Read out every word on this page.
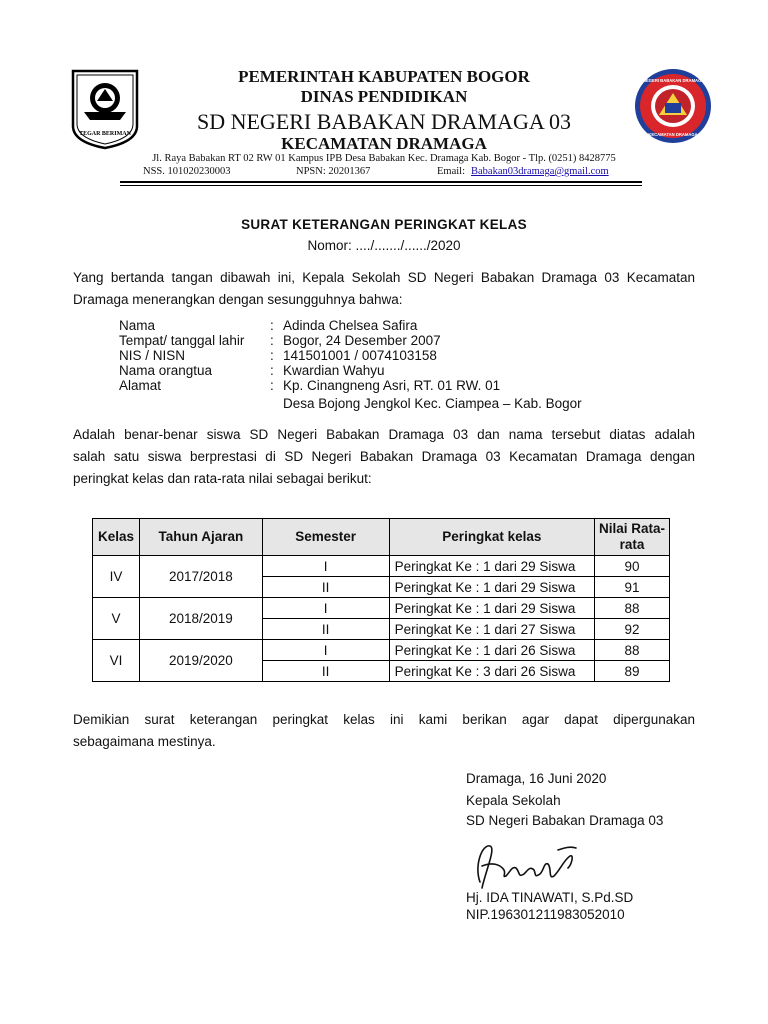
TEGAR BERIMAN
PEMERINTAH KABUPATEN BOGOR
DINAS PENDIDIKAN
SD NEGERI BABAKAN DRAMAGA 03
KECAMATAN DRAMAGA
Jl. Raya Babakan RT 02 RW 01 Kampus IPB Desa Babakan Kec. Dramaga Kab. Bogor - Tlp. (0251) 8428775
NSS. 101020230003	NPSN: 20201367	Email: Babakan03dramaga@gmail.com
SD NEGERI BABAKAN DRAMAGA 03
KECAMATAN DRAMAGA
SURAT KETERANGAN PERINGKAT KELAS
Nomor: ..../......./....../2020
Yang bertanda tangan dibawah ini, Kepala Sekolah SD Negeri Babakan Dramaga 03 Kecamatan
Dramaga menerangkan dengan sesungguhnya bahwa:
Nama	: Adinda Chelsea Safira
Tempat/ tanggal lahir	: Bogor, 24 Desember 2007
NIS / NISN	: 141501001 / 0074103158
Nama orangtua	: Kwardian Wahyu
Alamat	: Kp. Cinangneng Asri, RT. 01 RW. 01
Desa Bojong Jengkol Kec. Ciampea – Kab. Bogor
Adalah benar-benar siswa SD Negeri Babakan Dramaga 03 dan nama tersebut diatas adalah
salah satu siswa berprestasi di SD Negeri Babakan Dramaga 03 Kecamatan Dramaga dengan
peringkat kelas dan rata-rata nilai sebagai berikut:
Kelas	Tahun Ajaran	Semester	Peringkat kelas	Nilai Rata-
rata

IV	2017/2018	I	Peringkat Ke : 1 dari 29 Siswa	90
		II	Peringkat Ke : 1 dari 29 Siswa	91
V	2018/2019	I	Peringkat Ke : 1 dari 29 Siswa	88
		II	Peringkat Ke : 1 dari 27 Siswa	92
VI	2019/2020	I	Peringkat Ke : 1 dari 26 Siswa	88
		II	Peringkat Ke : 3 dari 26 Siswa	89
Demikian surat keterangan peringkat kelas ini kami berikan agar dapat dipergunakan
sebagaimana mestinya.
Dramaga, 16 Juni 2020
Kepala Sekolah
SD Negeri Babakan Dramaga 03
Hj. IDA TINAWATI, S.Pd.SD
NIP.196301211983052010
